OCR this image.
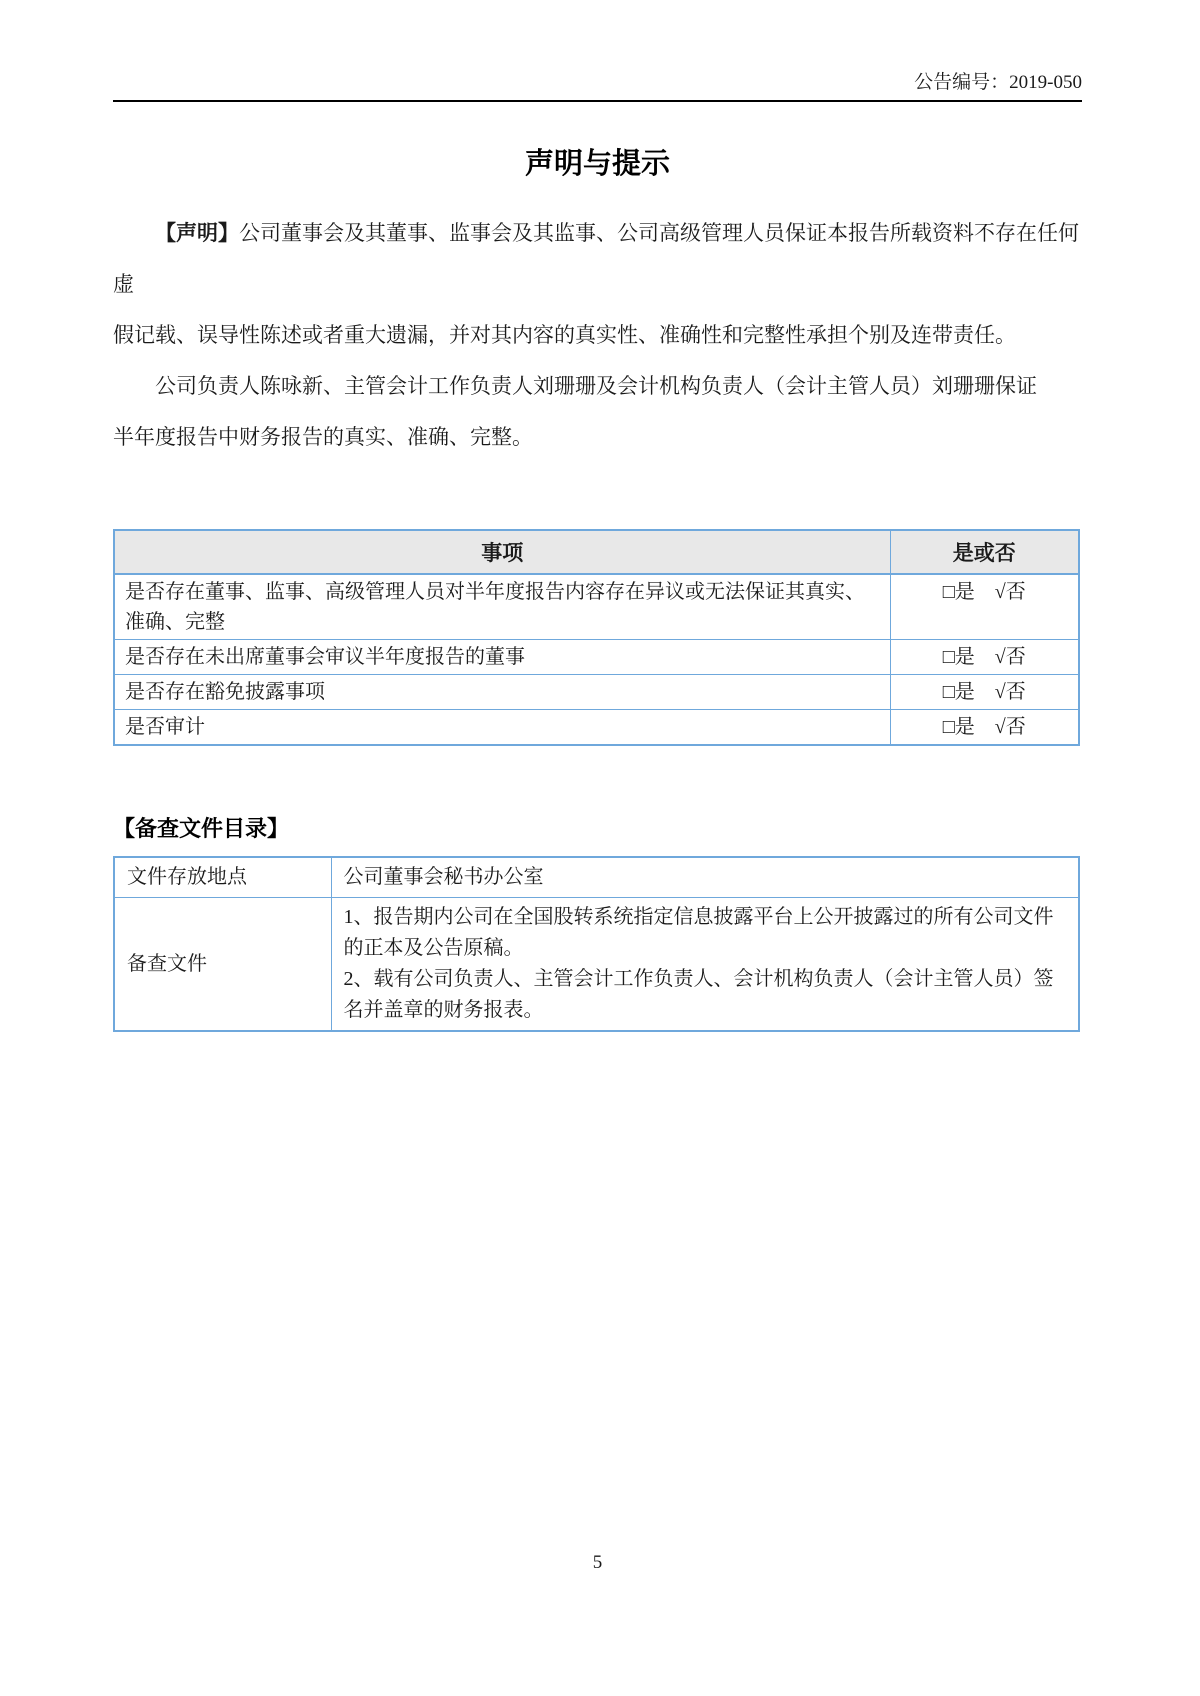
公告编号：2019-050
声明与提示

【声明】公司董事会及其董事、监事会及其监事、公司高级管理人员保证本报告所载资料不存在任何虚
假记载、误导性陈述或者重大遗漏，并对其内容的真实性、准确性和完整性承担个别及连带责任。

公司负责人陈咏新、主管会计工作负责人刘珊珊及会计机构负责人（会计主管人员）刘珊珊保证
半年度报告中财务报告的真实、准确、完整。

事项	是或否
是否存在董事、监事、高级管理人员对半年度报告内容存在异议或无法保证其真实、
准确、完整	□是　√否
是否存在未出席董事会审议半年度报告的董事	□是　√否
是否存在豁免披露事项	□是　√否
是否审计	□是　√否
【备查文件目录】
文件存放地点	公司董事会秘书办公室
备查文件	1、报告期内公司在全国股转系统指定信息披露平台上公开披露过的所有公司文件
的正本及公告原稿。
2、载有公司负责人、主管会计工作负责人、会计机构负责人（会计主管人员）签
名并盖章的财务报表。
5
